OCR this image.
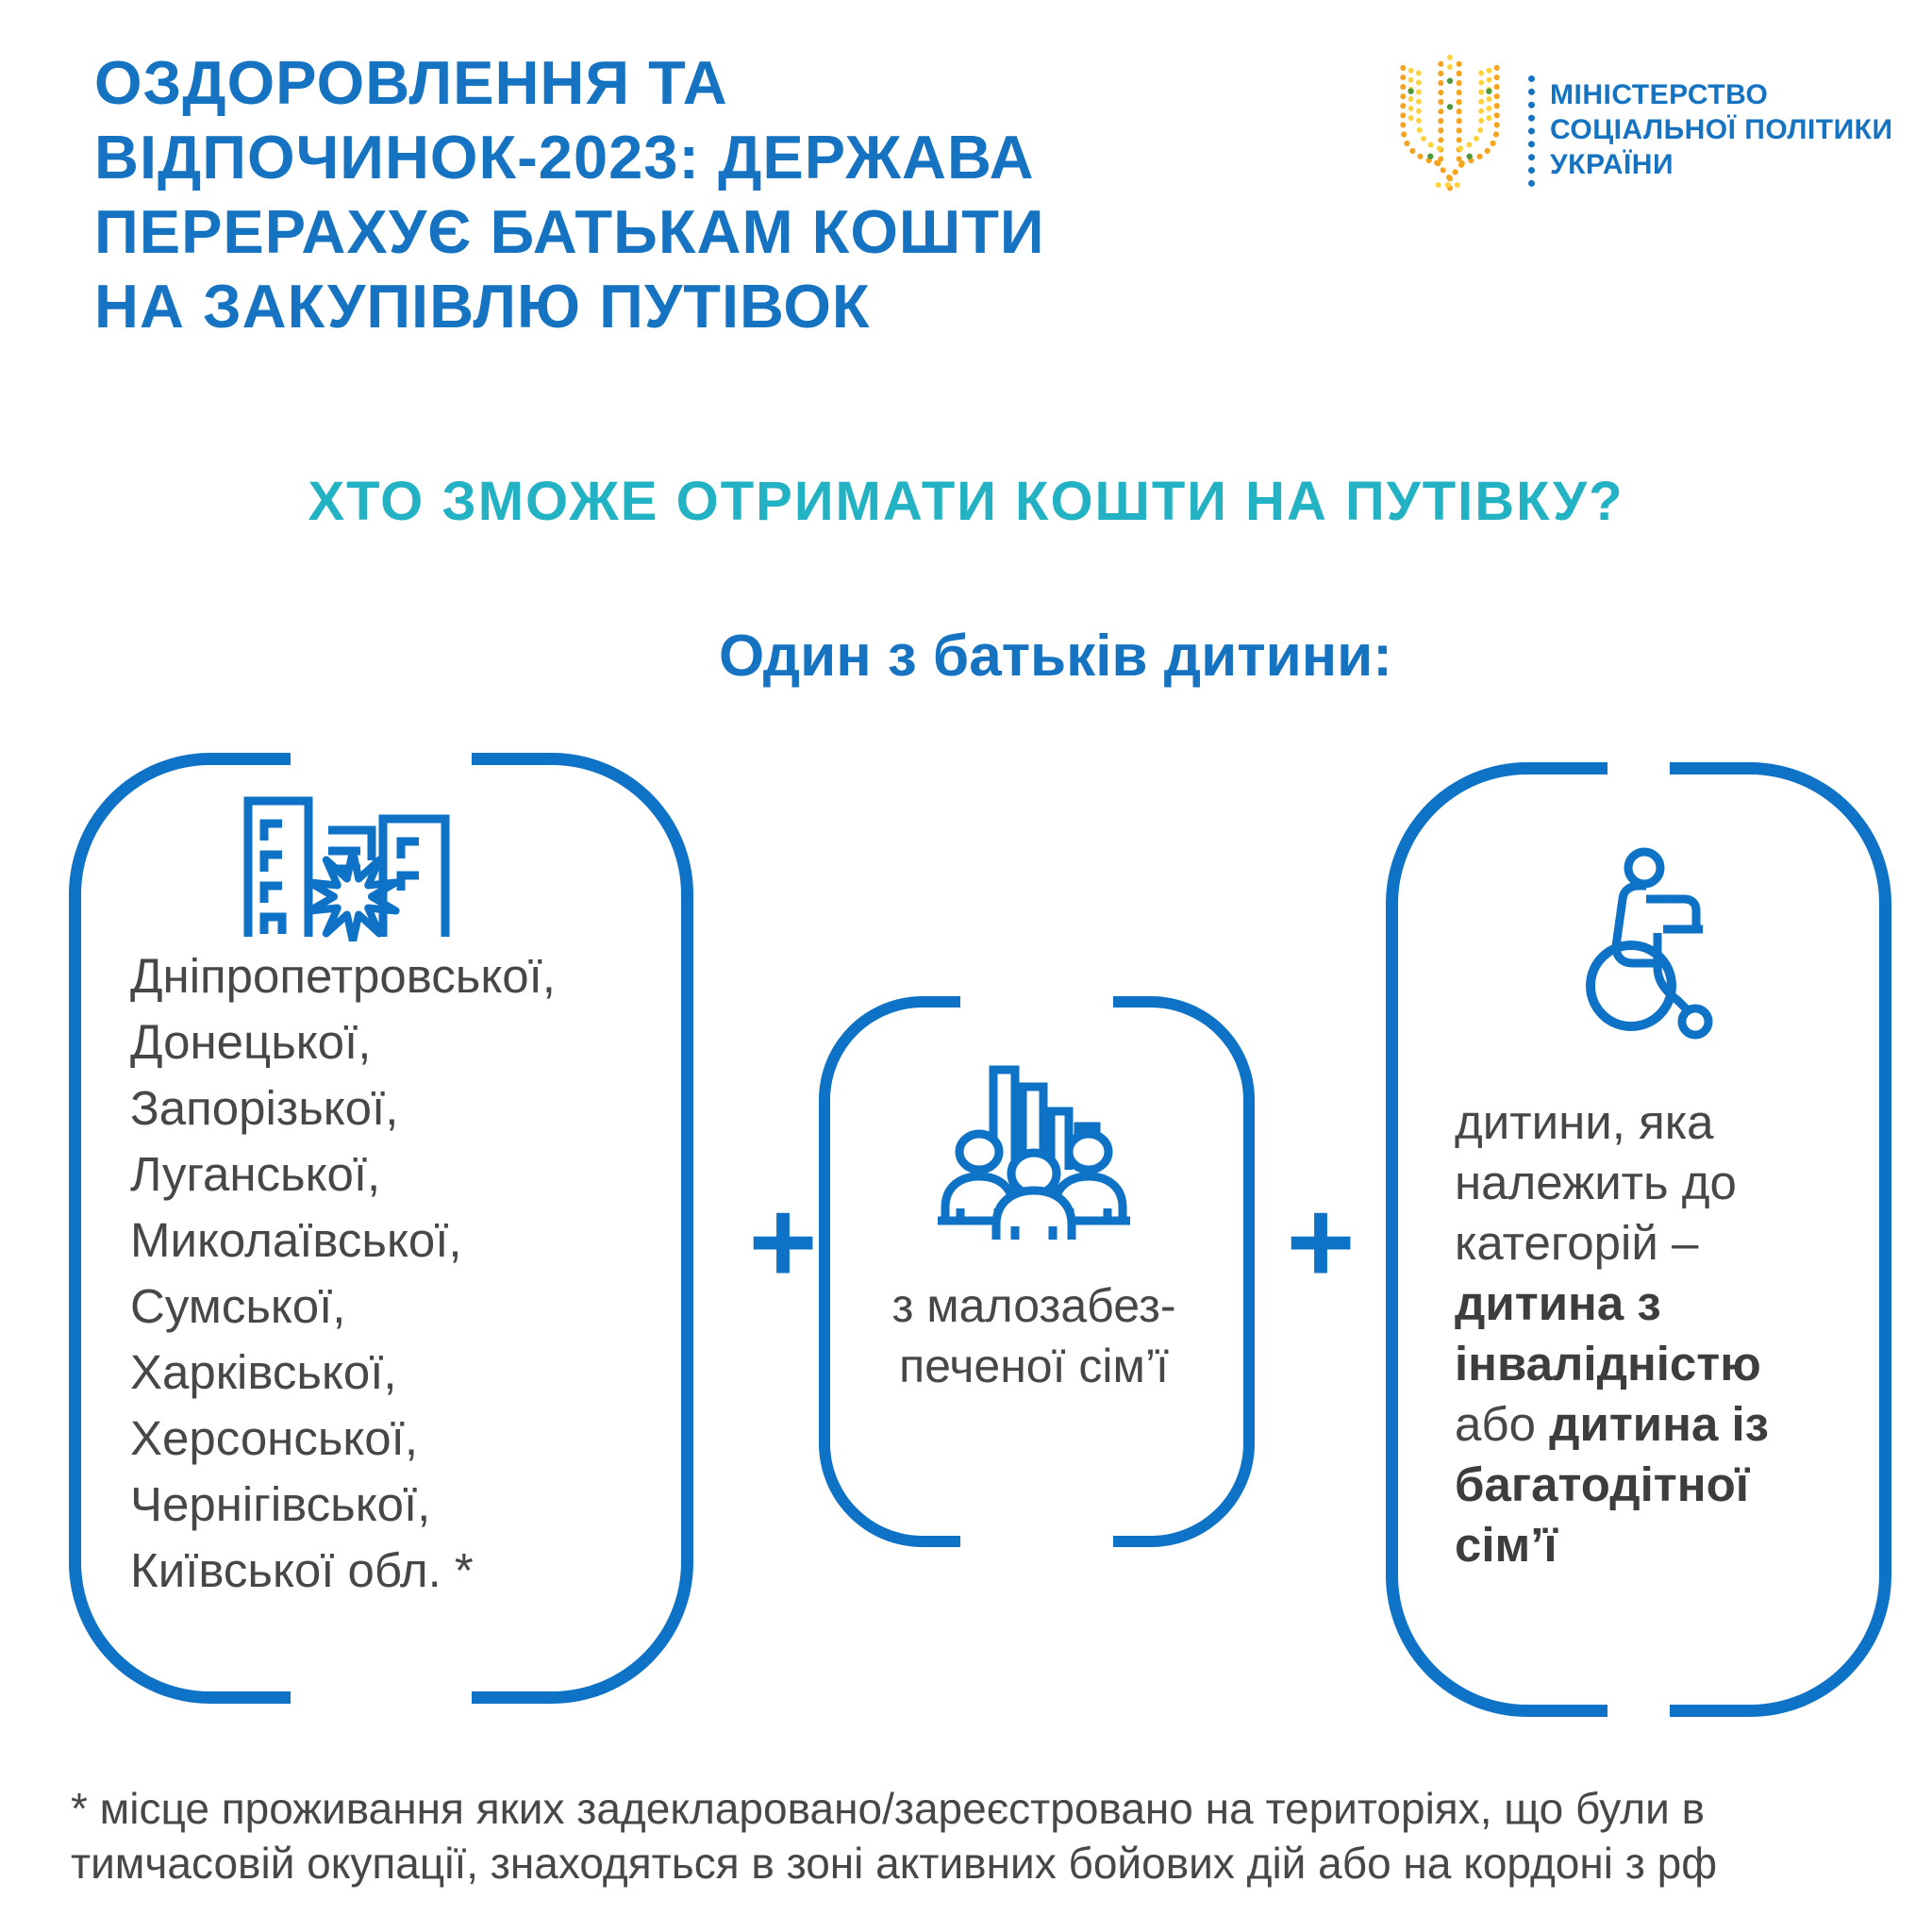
ОЗДОРОВЛЕННЯ ТА
ВІДПОЧИНОК-2023: ДЕРЖАВА
ПЕРЕРАХУЄ БАТЬКАМ КОШТИ
НА ЗАКУПІВЛЮ ПУТІВОК
МІНІСТЕРСТВО
СОЦІАЛЬНОЇ ПОЛІТИКИ
УКРАЇНИ
ХТО ЗМОЖЕ ОТРИМАТИ КОШТИ НА ПУТІВКУ?
Один з батьків дитини:
Дніпропетровської,
Донецької,
Запорізької,
Луганської,
Миколаївської,
Сумської,
Харківської,
Херсонської,
Чернігівської,
Київської обл. *
+	з малозабез-
печеної сім’ї
+
дитини, яка належить до категорій – дитина з інвалідністю або дитина із багатодітної сім’ї
* місце проживання яких задекларовано/зареєстровано на територіях, що були в
тимчасовій окупації, знаходяться в зоні активних бойових дій або на кордоні з рф
